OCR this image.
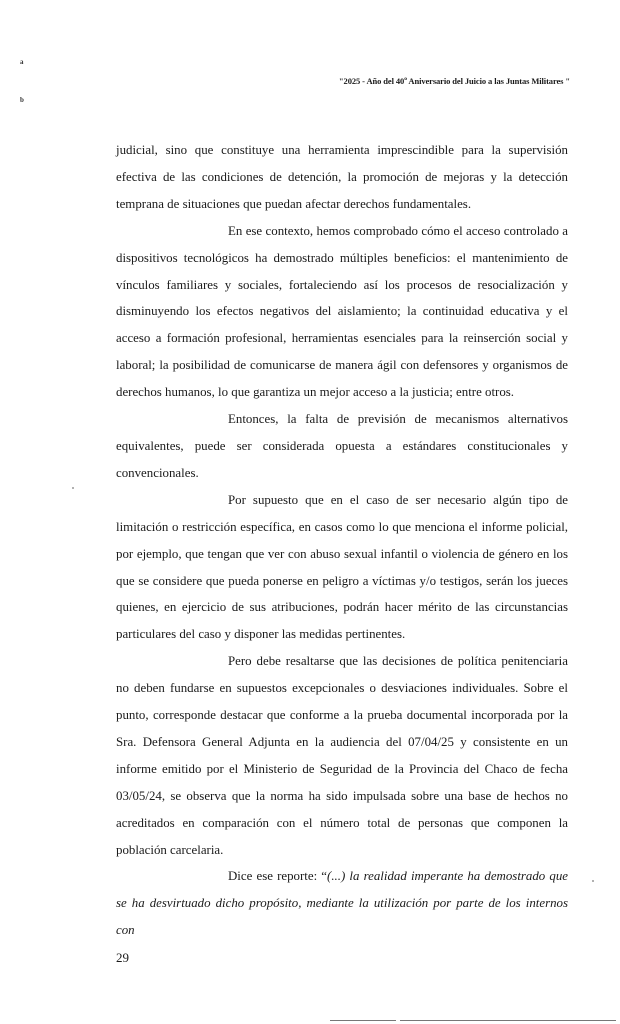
a
b
"2025 - Año del 40$^o$ Aniversario del Juicio a las Juntas Militares "

judicial, sino que constituye una herramienta imprescindible para la supervisión efectiva de las condiciones de detención, la promoción de mejoras y la detección temprana de situaciones que puedan afectar derechos fundamentales.

En ese contexto, hemos comprobado cómo el acceso controlado a dispositivos tecnológicos ha demostrado múltiples beneficios: el mantenimiento de vínculos familiares y sociales, fortaleciendo así los procesos de resocialización y disminuyendo los efectos negativos del aislamiento; la continuidad educativa y el acceso a formación profesional, herramientas esenciales para la reinserción social y laboral; la posibilidad de comunicarse de manera ágil con defensores y organismos de derechos humanos, lo que garantiza un mejor acceso a la justicia; entre otros.

Entonces, la falta de previsión de mecanismos alternativos equivalentes, puede ser considerada opuesta a estándares constitucionales y convencionales.

Por supuesto que en el caso de ser necesario algún tipo de limitación o restricción específica, en casos como lo que menciona el informe policial, por ejemplo, que tengan que ver con abuso sexual infantil o violencia de género en los que se considere que pueda ponerse en peligro a víctimas y/o testigos, serán los jueces quienes, en ejercicio de sus atribuciones, podrán hacer mérito de las circunstancias particulares del caso y disponer las medidas pertinentes.

Pero debe resaltarse que las decisiones de política penitenciaria no deben fundarse en supuestos excepcionales o desviaciones individuales. Sobre el punto, corresponde destacar que conforme a la prueba documental incorporada por la Sra. Defensora General Adjunta en la audiencia del 07/04/25 y consistente en un informe emitido por el Ministerio de Seguridad de la Provincia del Chaco de fecha 03/05/24, se observa que la norma ha sido impulsada sobre una base de hechos no acreditados en comparación con el número total de personas que componen la población carcelaria.

Dice ese reporte: “(...) la realidad imperante ha demostrado que se ha desvirtuado dicho propósito, mediante la utilización por parte de los internos con

29
